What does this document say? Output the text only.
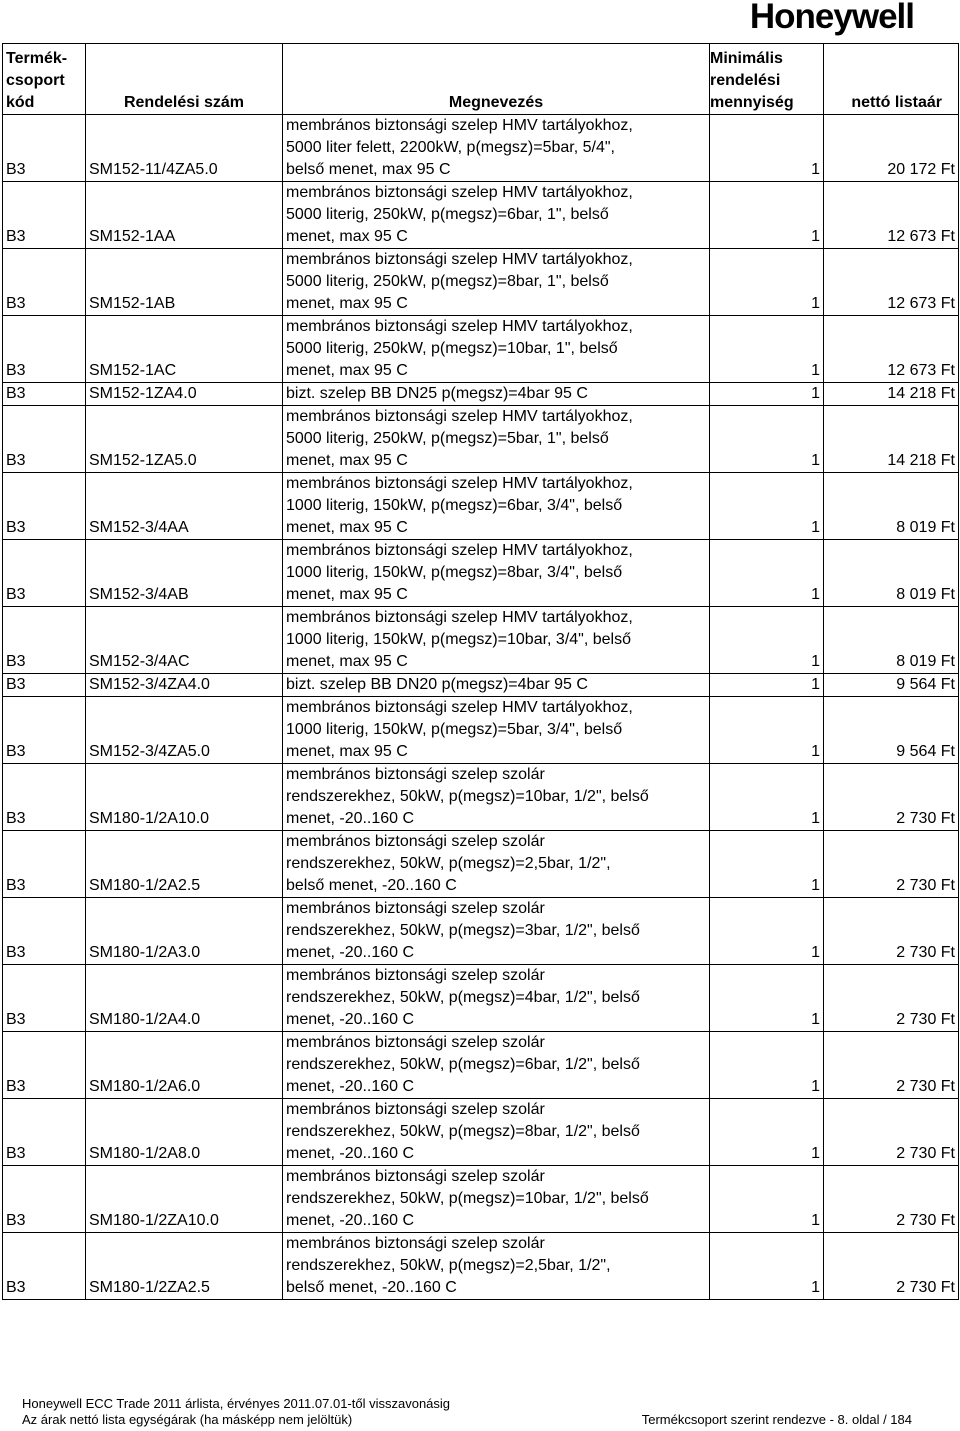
Honeywell
Termék-
csoport
kód	Rendelési szám	Megnevezés	Minimális
rendelési
mennyiség	nettó listaár
B3	SM152-11/4ZA5.0	membrános biztonsági szelep HMV tartályokhoz,
5000 liter felett, 2200kW, p(megsz)=5bar, 5/4",
belső menet, max 95 C	1	20 172 Ft
B3	SM152-1AA	membrános biztonsági szelep HMV tartályokhoz,
5000 literig, 250kW, p(megsz)=6bar, 1", belső
menet, max 95 C	1	12 673 Ft
B3	SM152-1AB	membrános biztonsági szelep HMV tartályokhoz,
5000 literig, 250kW, p(megsz)=8bar, 1", belső
menet, max 95 C	1	12 673 Ft
B3	SM152-1AC	membrános biztonsági szelep HMV tartályokhoz,
5000 literig, 250kW, p(megsz)=10bar, 1", belső
menet, max 95 C	1	12 673 Ft
B3	SM152-1ZA4.0	bizt. szelep BB DN25 p(megsz)=4bar 95 C	1	14 218 Ft
B3	SM152-1ZA5.0	membrános biztonsági szelep HMV tartályokhoz,
5000 literig, 250kW, p(megsz)=5bar, 1", belső
menet, max 95 C	1	14 218 Ft
B3	SM152-3/4AA	membrános biztonsági szelep HMV tartályokhoz,
1000 literig, 150kW, p(megsz)=6bar, 3/4", belső
menet, max 95 C	1	8 019 Ft
B3	SM152-3/4AB	membrános biztonsági szelep HMV tartályokhoz,
1000 literig, 150kW, p(megsz)=8bar, 3/4", belső
menet, max 95 C	1	8 019 Ft
B3	SM152-3/4AC	membrános biztonsági szelep HMV tartályokhoz,
1000 literig, 150kW, p(megsz)=10bar, 3/4", belső
menet, max 95 C	1	8 019 Ft
B3	SM152-3/4ZA4.0	bizt. szelep BB DN20 p(megsz)=4bar 95 C	1	9 564 Ft
B3	SM152-3/4ZA5.0	membrános biztonsági szelep HMV tartályokhoz,
1000 literig, 150kW, p(megsz)=5bar, 3/4", belső
menet, max 95 C	1	9 564 Ft
B3	SM180-1/2A10.0	membrános biztonsági szelep szolár
rendszerekhez, 50kW, p(megsz)=10bar, 1/2", belső
menet, -20..160 C	1	2 730 Ft
B3	SM180-1/2A2.5	membrános biztonsági szelep szolár
rendszerekhez, 50kW, p(megsz)=2,5bar, 1/2",
belső menet, -20..160 C	1	2 730 Ft
B3	SM180-1/2A3.0	membrános biztonsági szelep szolár
rendszerekhez, 50kW, p(megsz)=3bar, 1/2", belső
menet, -20..160 C	1	2 730 Ft
B3	SM180-1/2A4.0	membrános biztonsági szelep szolár
rendszerekhez, 50kW, p(megsz)=4bar, 1/2", belső
menet, -20..160 C	1	2 730 Ft
B3	SM180-1/2A6.0	membrános biztonsági szelep szolár
rendszerekhez, 50kW, p(megsz)=6bar, 1/2", belső
menet, -20..160 C	1	2 730 Ft
B3	SM180-1/2A8.0	membrános biztonsági szelep szolár
rendszerekhez, 50kW, p(megsz)=8bar, 1/2", belső
menet, -20..160 C	1	2 730 Ft
B3	SM180-1/2ZA10.0	membrános biztonsági szelep szolár
rendszerekhez, 50kW, p(megsz)=10bar, 1/2", belső
menet, -20..160 C	1	2 730 Ft
B3	SM180-1/2ZA2.5	membrános biztonsági szelep szolár
rendszerekhez, 50kW, p(megsz)=2,5bar, 1/2",
belső menet, -20..160 C	1	2 730 Ft
Honeywell ECC Trade 2011 árlista, érvényes 2011.07.01-től visszavonásig
Az árak nettó lista egységárak (ha másképp nem jelöltük)	Termékcsoport szerint rendezve - 8. oldal / 184
